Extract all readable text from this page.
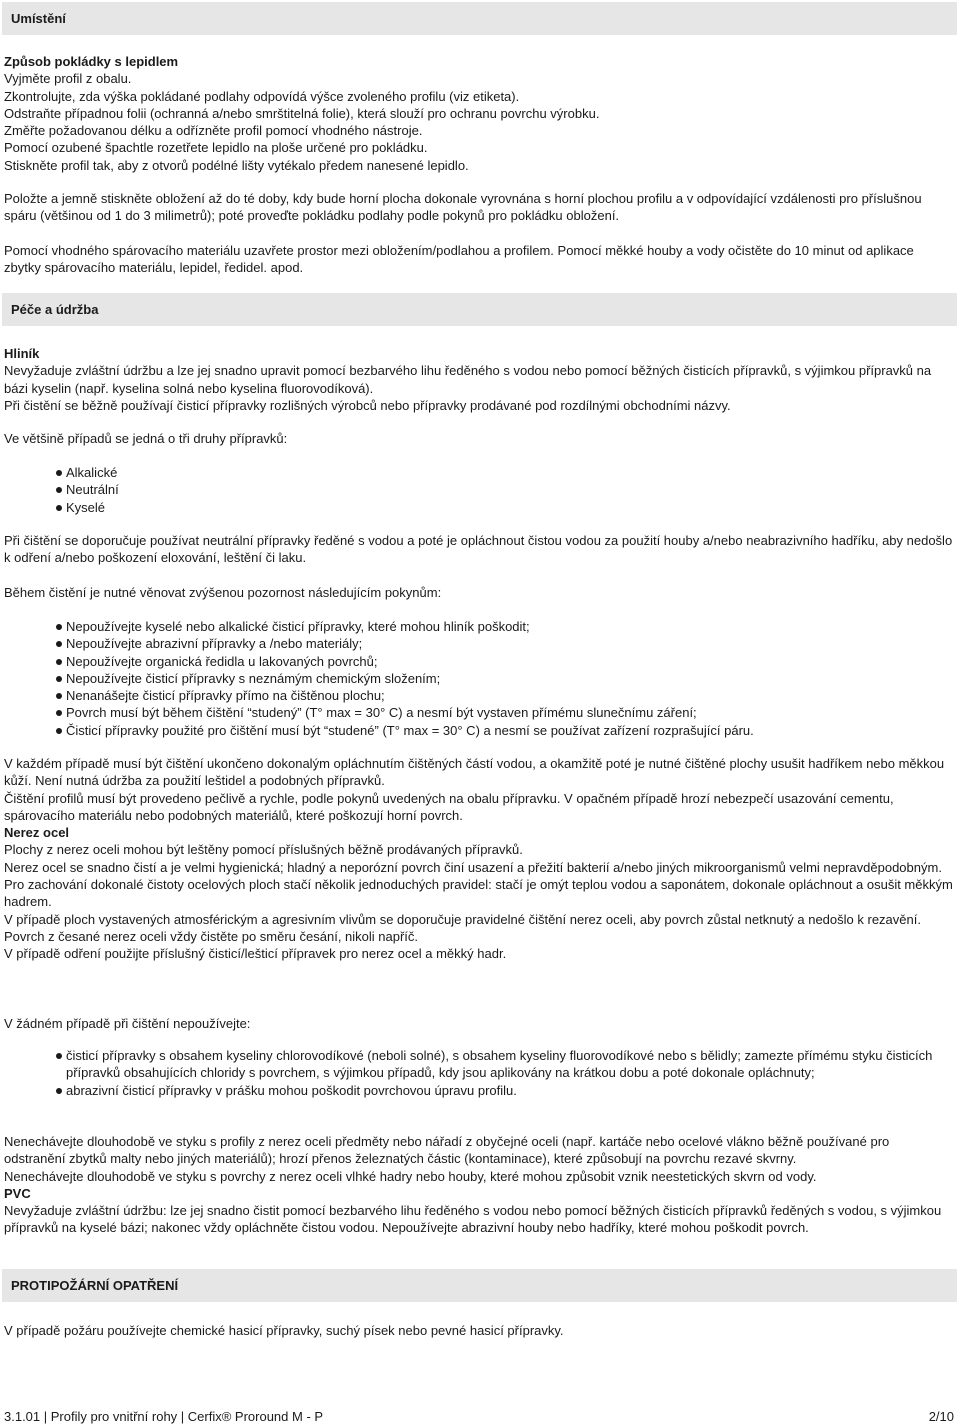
Umístění

Způsob pokládky s lepidlem

Vyjměte profil z obalu.

Zkontrolujte, zda výška pokládané podlahy odpovídá výšce zvoleného profilu (viz etiketa).

Odstraňte případnou folii (ochranná a/nebo smrštitelná folie), která slouží pro ochranu povrchu výrobku.

Změřte požadovanou délku a odřízněte profil pomocí vhodného nástroje.

Pomocí ozubené špachtle rozetřete lepidlo na ploše určené pro pokládku.

Stiskněte profil tak, aby z otvorů podélné lišty vytékalo předem nanesené lepidlo.

Položte a jemně stiskněte obložení až do té doby, kdy bude horní plocha dokonale vyrovnána s horní plochou profilu a v odpovídající vzdálenosti pro příslušnou spáru (většinou od 1 do 3 milimetrů); poté proveďte pokládku podlahy podle pokynů pro pokládku obložení.
Pomocí vhodného spárovacího materiálu uzavřete prostor mezi obložením/podlahou a profilem. Pomocí měkké houby a vody očistěte do 10 minut od aplikace zbytky spárovacího materiálu, lepidel, ředidel. apod.
Péče a údržba

Hliník

Nevyžaduje zvláštní údržbu a lze jej snadno upravit pomocí bezbarvého lihu ředěného s vodou nebo pomocí běžných čisticích přípravků, s výjimkou přípravků na bázi kyselin (např. kyselina solná nebo kyselina fluorovodíková).

Při čistění se běžně používají čisticí přípravky rozlišných výrobců nebo přípravky prodávané pod rozdílnými obchodními názvy.

Ve většině případů se jedná o tři druhy přípravků:
Alkalické
Neutrální
Kyselé
Při čištění se doporučuje používat neutrální přípravky ředěné s vodou a poté je opláchnout čistou vodou za použití houby a/nebo neabrazivního hadříku, aby nedošlo k odření a/nebo poškození eloxování, leštění či laku.
Během čistění je nutné věnovat zvýšenou pozornost následujícím pokynům:
Nepoužívejte kyselé nebo alkalické čisticí přípravky, které mohou hliník poškodit;
Nepoužívejte abrazivní přípravky a /nebo materiály;
Nepoužívejte organická ředidla u lakovaných povrchů;
Nepoužívejte čisticí přípravky s neznámým chemickým složením;
Nenanášejte čisticí přípravky přímo na čištěnou plochu;
Povrch musí být během čištění “studený” (T° max = 30° C) a nesmí být vystaven přímému slunečnímu záření;
Čisticí přípravky použité pro čištění musí být “studené” (T° max = 30° C) a nesmí se používat zařízení rozprašující páru.

V každém případě musí být čištění ukončeno dokonalým opláchnutím čištěných částí vodou, a okamžitě poté je nutné čištěné plochy usušit hadříkem nebo měkkou kůží. Není nutná údržba za použití leštidel a podobných přípravků.

Čištění profilů musí být provedeno pečlivě a rychle, podle pokynů uvedených na obalu přípravku. V opačném případě hrozí nebezpečí usazování cementu, spárovacího materiálu nebo podobných materiálů, které poškozují horní povrch.

Nerez ocel

Plochy z nerez oceli mohou být leštěny pomocí příslušných běžně prodávaných přípravků.

Nerez ocel se snadno čistí a je velmi hygienická; hladný a neporózní povrch činí usazení a přežití bakterií a/nebo jiných mikroorganismů velmi nepravděpodobným.

Pro zachování dokonalé čistoty ocelových ploch stačí několik jednoduchých pravidel: stačí je omýt teplou vodou a saponátem, dokonale opláchnout a osušit měkkým hadrem.

V případě ploch vystavených atmosférickým a agresivním vlivům se doporučuje pravidelné čištění nerez oceli, aby povrch zůstal netknutý a nedošlo k rezavění.

Povrch z česané nerez oceli vždy čistěte po směru česání, nikoli napříč.

V případě odření použijte příslušný čisticí/lešticí přípravek pro nerez ocel a měkký hadr.

V žádném případě při čištění nepoužívejte:
čisticí přípravky s obsahem kyseliny chlorovodíkové (neboli solné), s obsahem kyseliny fluorovodíkové nebo s bělidly; zamezte přímému styku čisticích přípravků obsahujících chloridy s povrchem, s výjimkou případů, kdy jsou aplikovány na krátkou dobu a poté dokonale opláchnuty;
abrazivní čisticí přípravky v prášku mohou poškodit povrchovou úpravu profilu.

Nenechávejte dlouhodobě ve styku s profily z nerez oceli předměty nebo nářadí z obyčejné oceli (např. kartáče nebo ocelové vlákno běžně používané pro odstranění zbytků malty nebo jiných materiálů); hrozí přenos železnatých částic (kontaminace), které způsobují na povrchu rezavé skvrny.

Nenechávejte dlouhodobě ve styku s povrchy z nerez oceli vlhké hadry nebo houby, které mohou způsobit vznik neestetických skvrn od vody.

PVC

Nevyžaduje zvláštní údržbu: lze jej snadno čistit pomocí bezbarvého lihu ředěného s vodou nebo pomocí běžných čisticích přípravků ředěných s vodou, s výjimkou přípravků na kyselé bázi; nakonec vždy opláchněte čistou vodou. Nepoužívejte abrazivní houby nebo hadříky, které mohou poškodit povrch.

PROTIPOŽÁRNÍ OPATŘENÍ
V případě požáru používejte chemické hasicí přípravky, suchý písek nebo pevné hasicí přípravky.
3.1.01 | Profily pro vnitřní rohy | Cerfix® Proround M - P	2/10
